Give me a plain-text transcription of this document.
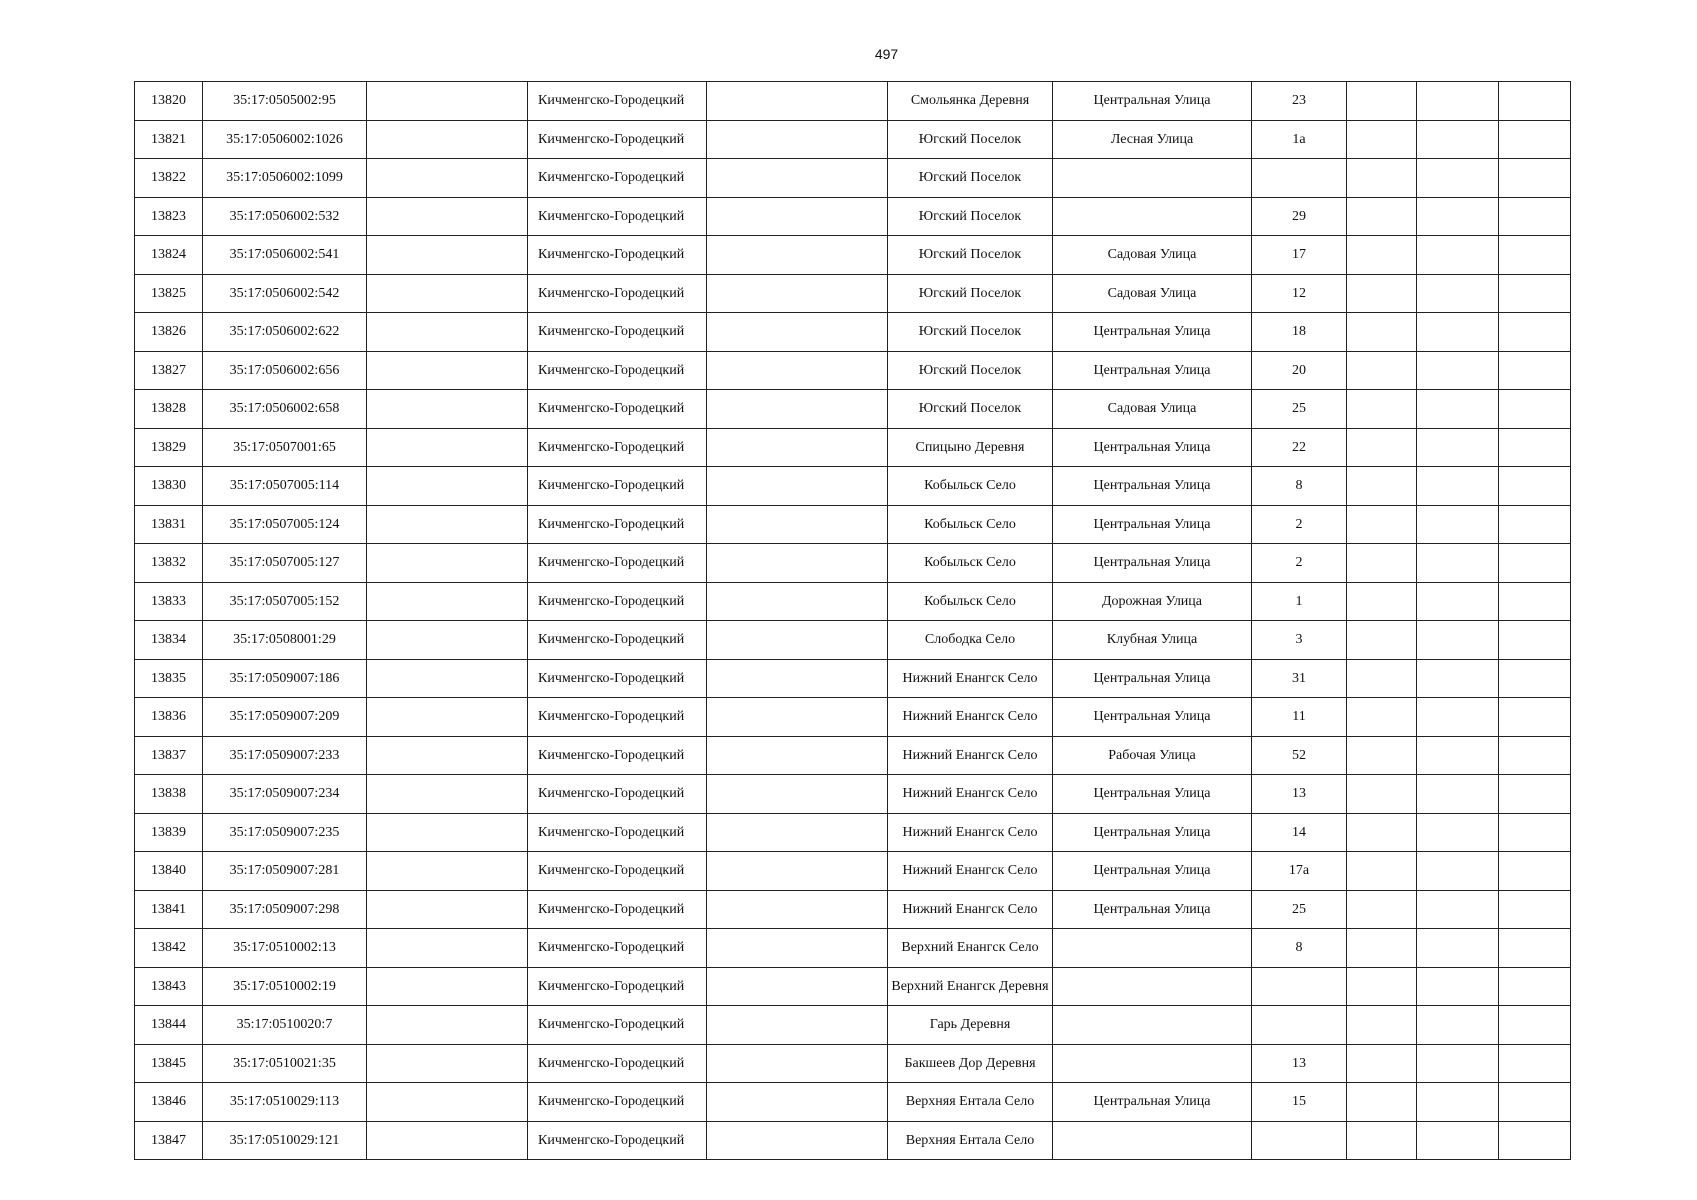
497
13820	35:17:0505002:95		Кичменгско-Городецкий		Смольянка Деревня	Центральная Улица	23			
13821	35:17:0506002:1026		Кичменгско-Городецкий		Югский Поселок	Лесная Улица	1а			
13822	35:17:0506002:1099		Кичменгско-Городецкий		Югский Поселок					
13823	35:17:0506002:532		Кичменгско-Городецкий		Югский Поселок		29			
13824	35:17:0506002:541		Кичменгско-Городецкий		Югский Поселок	Садовая Улица	17			
13825	35:17:0506002:542		Кичменгско-Городецкий		Югский Поселок	Садовая Улица	12			
13826	35:17:0506002:622		Кичменгско-Городецкий		Югский Поселок	Центральная Улица	18			
13827	35:17:0506002:656		Кичменгско-Городецкий		Югский Поселок	Центральная Улица	20			
13828	35:17:0506002:658		Кичменгско-Городецкий		Югский Поселок	Садовая Улица	25			
13829	35:17:0507001:65		Кичменгско-Городецкий		Спицыно Деревня	Центральная Улица	22			
13830	35:17:0507005:114		Кичменгско-Городецкий		Кобыльск Село	Центральная Улица	8			
13831	35:17:0507005:124		Кичменгско-Городецкий		Кобыльск Село	Центральная Улица	2			
13832	35:17:0507005:127		Кичменгско-Городецкий		Кобыльск Село	Центральная Улица	2			
13833	35:17:0507005:152		Кичменгско-Городецкий		Кобыльск Село	Дорожная Улица	1			
13834	35:17:0508001:29		Кичменгско-Городецкий		Слободка Село	Клубная Улица	3			
13835	35:17:0509007:186		Кичменгско-Городецкий		Нижний Енангск Село	Центральная Улица	31			
13836	35:17:0509007:209		Кичменгско-Городецкий		Нижний Енангск Село	Центральная Улица	11			
13837	35:17:0509007:233		Кичменгско-Городецкий		Нижний Енангск Село	Рабочая Улица	52			
13838	35:17:0509007:234		Кичменгско-Городецкий		Нижний Енангск Село	Центральная Улица	13			
13839	35:17:0509007:235		Кичменгско-Городецкий		Нижний Енангск Село	Центральная Улица	14			
13840	35:17:0509007:281		Кичменгско-Городецкий		Нижний Енангск Село	Центральная Улица	17а			
13841	35:17:0509007:298		Кичменгско-Городецкий		Нижний Енангск Село	Центральная Улица	25			
13842	35:17:0510002:13		Кичменгско-Городецкий		Верхний Енангск Село		8			
13843	35:17:0510002:19		Кичменгско-Городецкий		Верхний Енангск Деревня					
13844	35:17:0510020:7		Кичменгско-Городецкий		Гарь Деревня					
13845	35:17:0510021:35		Кичменгско-Городецкий		Бакшеев Дор Деревня		13			
13846	35:17:0510029:113		Кичменгско-Городецкий		Верхняя Ентала Село	Центральная Улица	15			
13847	35:17:0510029:121		Кичменгско-Городецкий		Верхняя Ентала Село					
